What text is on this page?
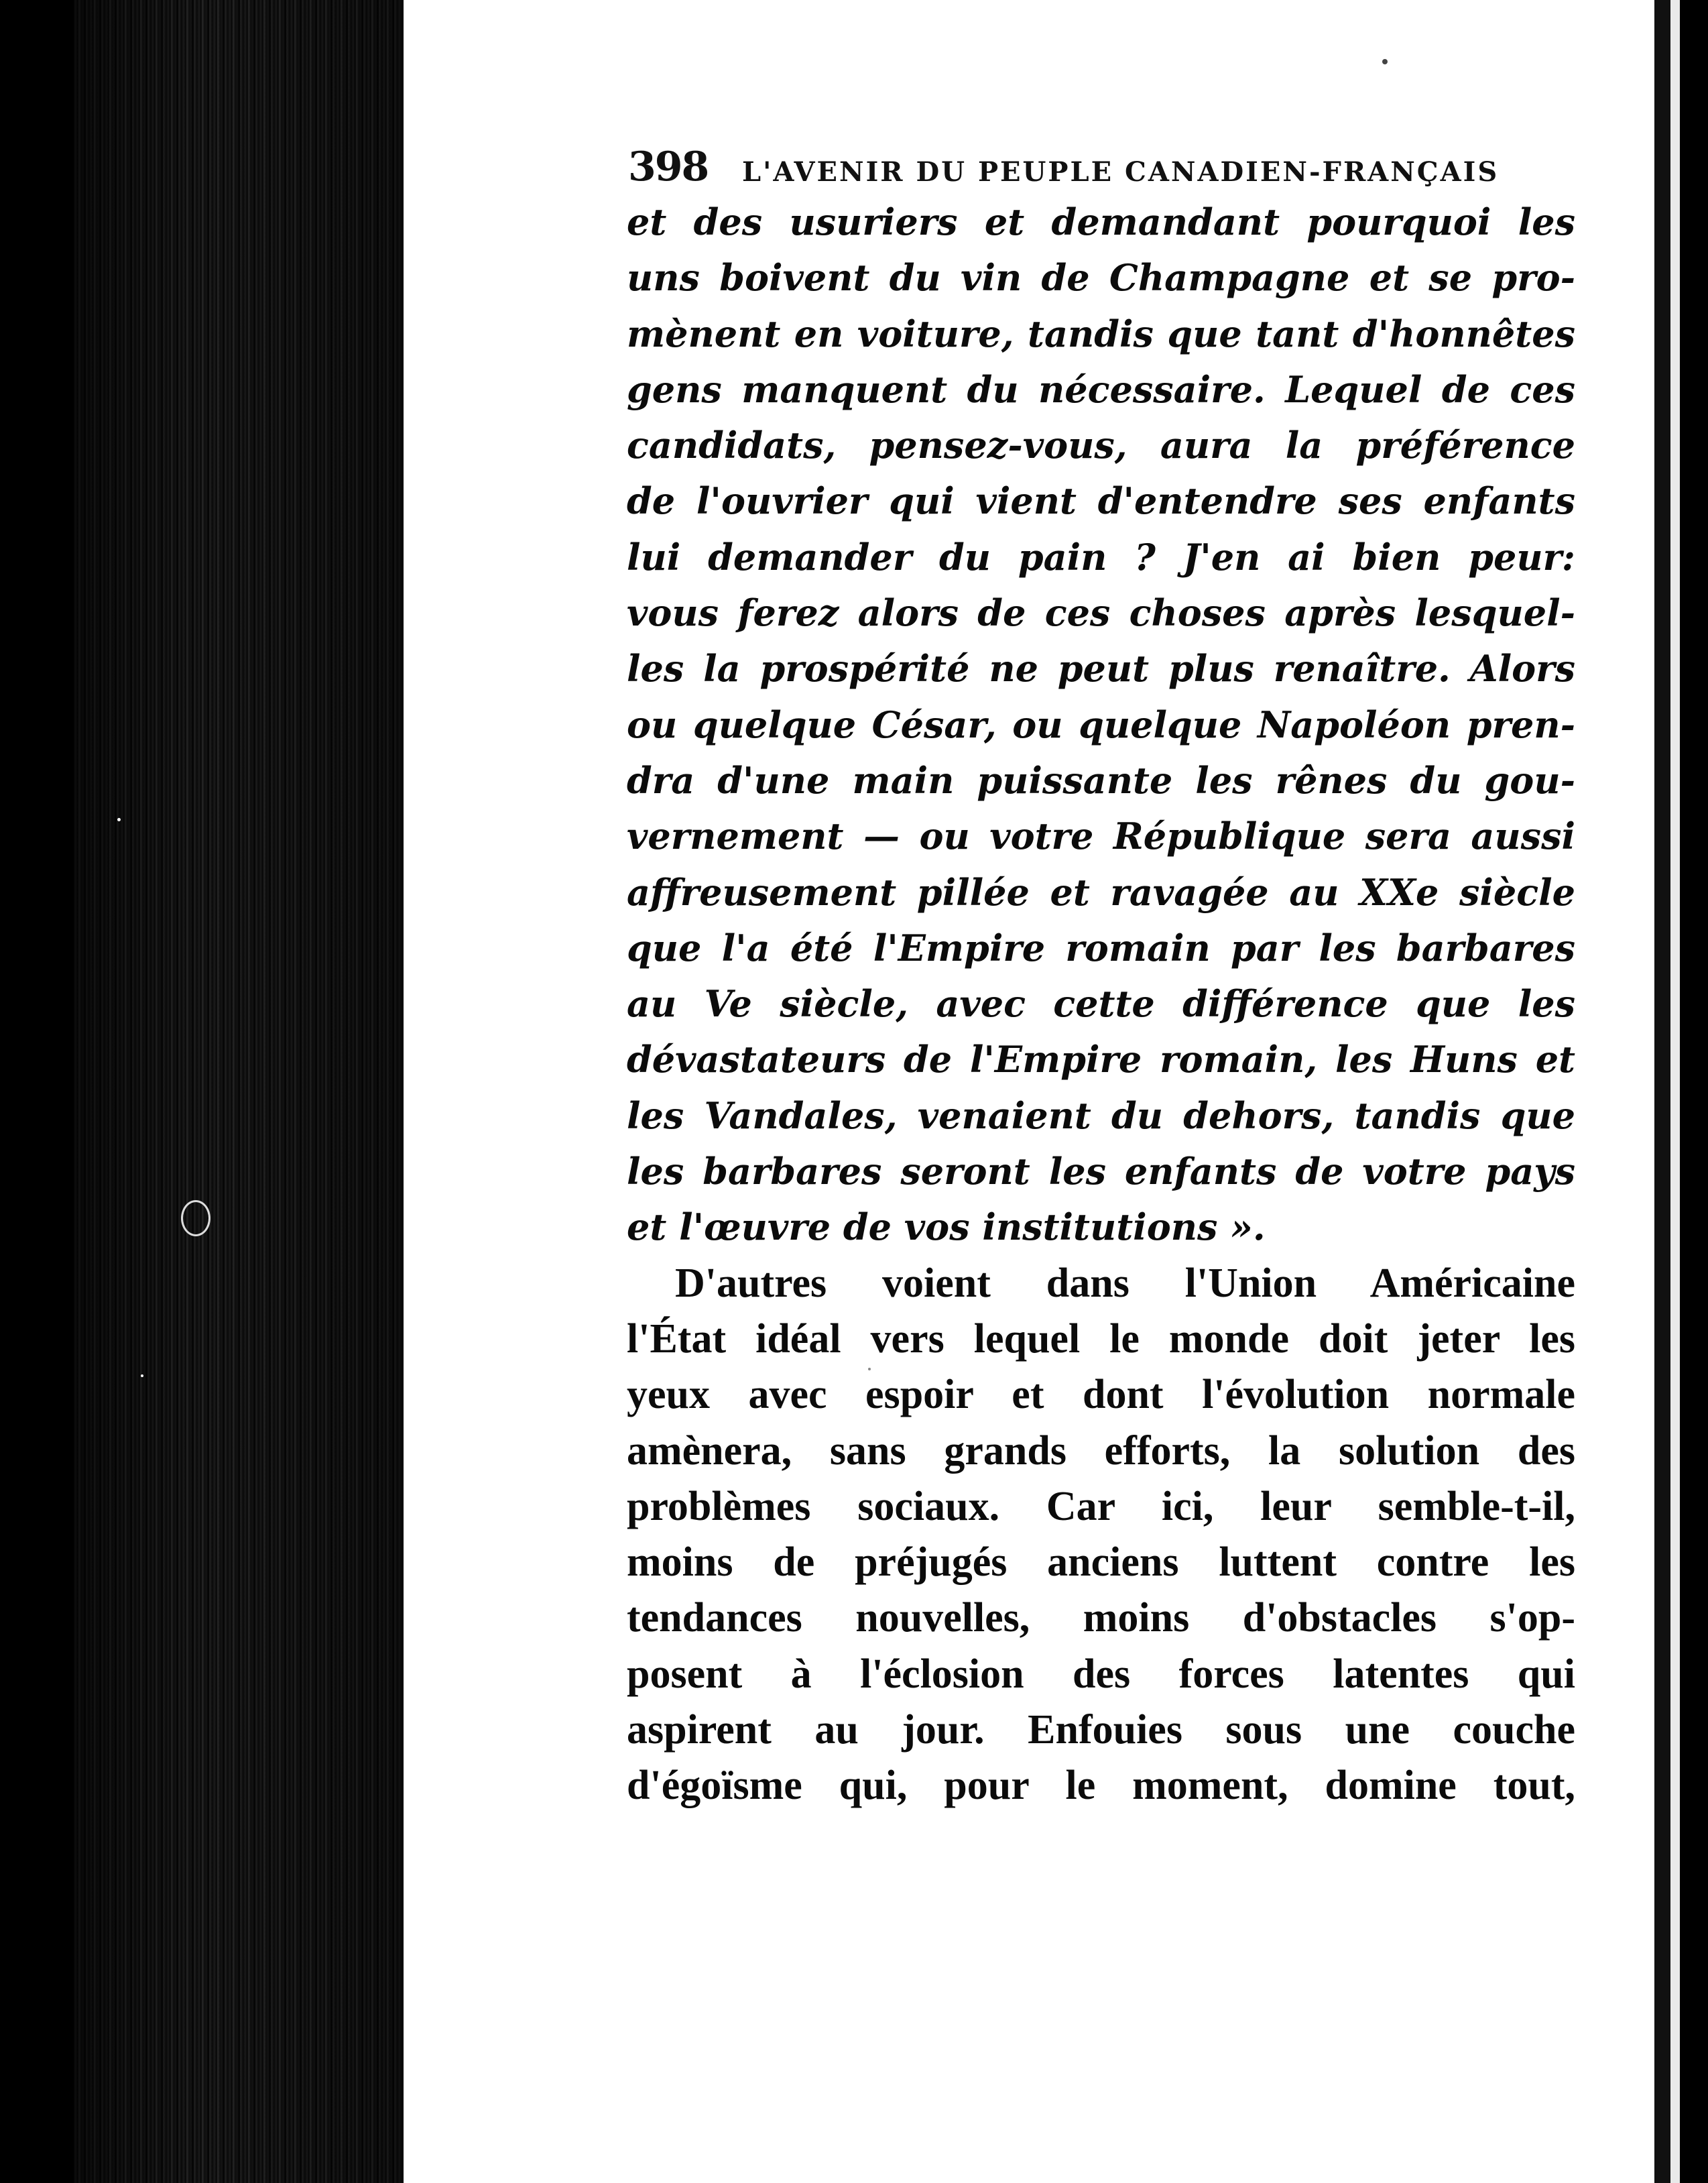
398 L'AVENIR DU PEUPLE CANADIEN-FRANÇAIS
et des usuriers et demandant pourquoi les
uns boivent du vin de Champagne et se pro-
mènent en voiture, tandis que tant d'honnêtes
gens manquent du nécessaire. Lequel de ces
candidats, pensez-vous, aura la préférence
de l'ouvrier qui vient d'entendre ses enfants
lui demander du pain ? J'en ai bien peur:
vous ferez alors de ces choses après lesquel-
les la prospérité ne peut plus renaître. Alors
ou quelque César, ou quelque Napoléon pren-
dra d'une main puissante les rênes du gou-
vernement — ou votre République sera aussi
affreusement pillée et ravagée au XXe siècle
que l'a été l'Empire romain par les barbares
au Ve siècle, avec cette différence que les
dévastateurs de l'Empire romain, les Huns et
les Vandales, venaient du dehors, tandis que
les barbares seront les enfants de votre pays
et l'œuvre de vos institutions ».
D'autres voient dans l'Union Américaine
l'État idéal vers lequel le monde doit jeter les
yeux avec espoir et dont l'évolution normale
amènera, sans grands efforts, la solution des
problèmes sociaux. Car ici, leur semble-t-il,
moins de préjugés anciens luttent contre les
tendances nouvelles, moins d'obstacles s'op-
posent à l'éclosion des forces latentes qui
aspirent au jour. Enfouies sous une couche
d'égoïsme qui, pour le moment, domine tout,
